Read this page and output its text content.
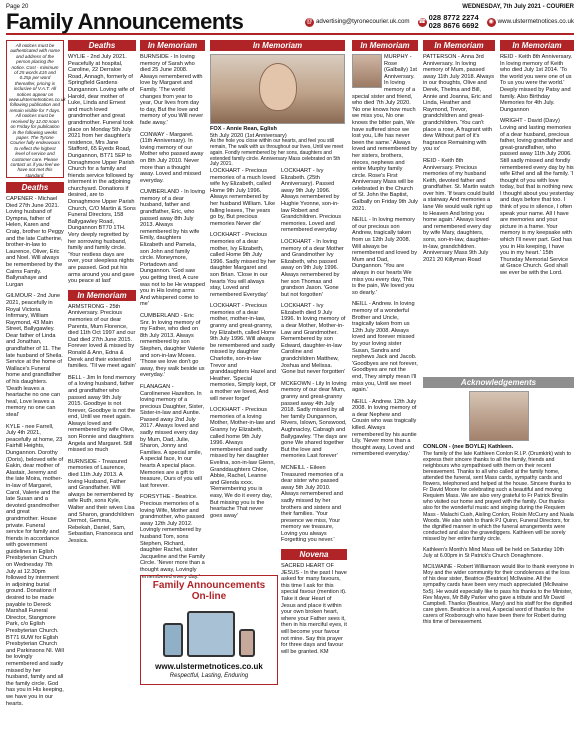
Page 20	WEDNESDAY, 7th July 2021 - COURIER
Family Announcements	@ advertising@tyronecourier.uk.com ☎ 028 8772 2274
028 8676 6692	◉ www.ulstermetnotices.co.uk
All notices must be authenticated with name and address of the person placing the notice. Cost - minimum of 25 words £15 and 0.25p per word thereafter, pricing is inclusive of V.A.T. All notices appear on www.ulstermetnotices.co.uk following publication and remain visible for 7 days. All notices must be received by 12.00 noon on Friday for publication in the following weeks paper. The Tyrone Courier fully endeavours to reflect the highest level of service and customer care. Please contact us if you feel we have not met this standard.
Deaths

CAPENER - Michael Died 27th June 2021. Loving husband of Dympna, father of Helen, Karen and Craig, brother to Peggy and the late Catherine, brother-in-law to Laurence, Oliver, Eric and Noel. Will always be remembered by the Cairns Family. Ballynahaye and Lurgan

GILMOUR - 2nd June 2021, peacefully in Royal Victoria Infirmary, William Raymond, 43 Main Street, Ballygawley. Dear father of Linda and Jonathan, grandfather of 11. The late husband of Sheila. Service at the home of Wallace's Funeral home and grandfather of his daughters. 'Death leaves a heartache no one can heal, Love leaves a memory no one can steal'

KYLE - nee Farrell, July 4th 2021, peacefully at home, 23 Fairhill Heights, Dungannon. Dorothy (Doris), beloved wife of Eakin, dear mother of Alastair, Jeremy and the late Moira, mother-in-law of Margaret, Carol, Valerie and the late Susan and a devoted grandmother and great grandmother. House private. Funeral service for family and friends in accordance with government guidelines in Eglish Presbyterian Church on Wednesday 7th July at 12.30pm followed by interment in adjoining burial ground. Donations if desired to be made payable to Dereck Marshall Funeral Director, Stangmore Park, c/o Eglish Presbyterian Church. BT71 6UW for Eglish Presbyterian Church and Parkinsons NI. Will be lovingly remembered and sadly missed by her husband, family and all the family circle. God has you in His keeping, we have you in our hearts.

Deaths

WYLIE - 2nd July 2021. Peacefully at hospital, Caroline, 22 Derraloe Road, Annagh, formerly of Springfield Gardens Dungannon. Loving wife of Harold, dear mother of Luke, Linda and Ernest and much loved grandmother and great grandmother. Funeral took place on Monday 5th July 2021 from her daughter's residence, Mrs Jane Stafford, 65 Eyeds Road, Dungannon, BT71 5EP to Donaghmore Upper Parish Church for a family and friends service followed by interment in the adjoining churchyard. Donations if desired, are to Donaghmore Upper Parish Church, C/O Martin & Sons Funeral Directors, 158 Ballygawley Road, Dungannon BT70 1TH. Very deeply regretted by her sorrowing husband, family and family circle. 'Your restless days are over, your sleepless nights are passed. God put his arms around you and gave you peace at last'

In Memoriam

ARMSTRONG - 25th Anniversary. Precious memories of our dear Parents, Mum Florence, died 11th Oct 1997 and our Dad died 27th June 2015. Forever loved & missed by Ronald & Ann, Edna & Derek and their extended families. 'Til we meet again'

BELL - Jim In fond memory of a loving husband, father and grandfather who passed away 9th July 2015. Goodbye is not forever, Goodbye is not the end, Until we meet again. Always loved and remembered by wife Olive, son Ronnie and daughters Angela and Margaret. Still missed so much

BURNSIDE - Treasured memories of Laurence, died 11th July 2013. A loving Husband, Father and Grandfather. Will always be remembered by wife Ruth, sons Kyle, Walter and their wives Lisa and Sharon, grandchildren Dermot, Gemma, Rebekah, Daniel, Sam, Sebastian, Francesca and Jessica.

In Memoriam

BURNSIDE - In loving memory of Sarah who died 25 June 2008. Always remembered with love by Margaret and Family. 'The world changes from year to year, Our lives from day to day, But the love and memory of you Will never fade away.'

CONWAY - Margaret. (11th Anniversary). In loving memory of our Mother who passed away on 8th July 2010. Never more than a thought away. Loved and missed everyday.

CUMBERLAND - In loving memory of a dear husband, father and grandfather, Eric, who passed away 8th July 2013. Always remembered by his wife Emily, daughters Elizabeth and Pamela, son John and family circle. Moneymore, Portadown and Dungannon. 'God saw you getting tired, A cure was not to be He wrapped you in His loving arms And whispered come to me'

CUMBERLAND - Eric Snr. In loving memory of my Father, who died on 8th July 2013. Always remembered by son Stephen, daughter Valerie and son-in-law Moses. 'Those we love don't go away, they walk beside us everyday.'

FLANAGAN - Carolinenee Hazelton. In loving memory of a precious Daughter, Sister, Sister-in-law and Auntie. Passed away 2nd July 2017. Always loved and sadly missed every day by Mum, Dad, Julie, Sharon, Jonny and Families. A special smile, A special face, In our hearts A special place. Memories are a gift to treasure, Ours of you will last forever.

FORSYTHE - Beatrice. Precious memories of a loving Wife, Mother and grandmother, who passed away 12th July 2012. Lovingly remembered by husband Tom, sons Stephen, Richard, daughter Rachel, sister Jacqueline and the Family Circle. 'Never more than a thought away, Lovingly remembered every day.'

Family Announcements On-line
www.ulstermetnotices.co.uk
Respectful, Lasting, Enduring
In Memoriam

FOX - Annie Rean, Eglish

5th July 2020 (1st Anniversary)

As the hole you close within our hearts, and feel you still remain, The walk with us throughout our lives, Until we meet again. Fondly remembered by her sons, daughters and extended family circle. Anniversary Mass celebrated on 5th July 2021.

LOCKHART - Precious memories of a much loved wife Ivy Elizabeth, called Home 9th July 1996. Always remembered by her husband William. 'Like falling leaves, The years go by, But precious memories Never die'

LOCKHART - Precious memories of a dear mother, Ivy Elizabeth, called Home 9th July 1996. Sadly missed by her daughter Margaret and son Brian. 'Close in our hearts You will always stay, Loved and remembered Everyday'

LOCKHART - Precious memories of a dear mother, mother-in-law, granny and great-granny, Ivy Elizabeth, called Home 9th July 1996. Will always be remembered and sadly missed by daughter Charlotte, son-in-law Trevor and granddaughters Hazel and Heather. 'Special memories, Simply kept, Of a mother we loved, And will never forget'

LOCKHART - Precious memories of a loving Mother, Mother-in-law and Granny Ivy Elizabeth, called home 9th July 1996. Always remembered and sadly missed by her daughter Evelina, son-in-law Glenn, Granddaughters Chloe, Abbie, Rachel, Leanne and Glenda xxxx. 'Remembering you is easy, We do it every day, But missing you is the heartache That never goes away'

LOCKHART - Ivy Elizabeth. (25th Anniversary). Passed away 9th July 1996. Always remembered by Hughie Yvonne, son-in-law Robert and Grandchildren. Precious memories. Loved and remembered everyday

LOCKHART - In loving memory of a dear Mother and Grandmother Ivy Elizabeth, who passed away on 9th July 1996. Always remembered by her son Thomas and grandson Jason. 'Gone but not forgotten'

LOCKHART - Ivy Elizabeth died 9 July 1996. In loving memory of a dear Mother, Mother-in-Law and Grandmother. Remembered by son Edward, daughter-in-law Caroline and grandchildren Matthew, Joshua and Melissa. 'Gone but never forgotten'

MCKEOWN - Lily In loving memory of our dear Mum, granny and great-granny passed away 4th July 2018. Sadly missed by all her family Dungannon, Rivers, Islown, Sonswood, Aughnacloy, Cabragh and Ballygawley. 'The days are gone We shared together But the love and memories Last forever'

MCNEILL - Eileen Treasured memories of a dear sister who passed away 5th July 2010. Always remembered and sadly missed by her brothers and sisters and their families. 'Your presence we miss, Your memory we treasure, Loving you always Forgetting you never.'

Novena

SACRED HEART OF JESUS - In the past I have asked for many favours, this time I ask for this special favour (mention it). Take it dear Heart of Jesus and place it within your own broken heart, where your Father sees it, then in his merciful eyes, it will become your favour not mine. Say this prayer for three days and favour will be granted. KM

In Memoriam

MURPHY - Rose (Galbally) 1st Anniversary. In loving memory of a special sister and friend, who died 7th July 2020. 'No one knows how much we miss you, No one knows the bitter pain, We have suffered since we lost you, Life has never been the same.' Always loved and remembered by her sisters, brothers, nieces, nephews and entire Murphy family circle. Rose's First Anniversary Mass will be celebrated in the Church of St. John the Baptist, Galbally on Friday 9th July 2021.

NEILL - In loving memory of our precious son Andrew, tragically taken from us 12th July 2008. Will always be remembered and loved by Mum and Dad, Dungannon. 'You are always in our hearts We miss you every day, This is the pain, We loved you so dearly.'

NEILL - Andrew. In loving memory of a wonderful Brother and Uncle, tragically taken from us 12th July 2008. Always loved and forever missed by your loving sister Susan, Sandra and nephews Jack and Jacob. 'Goodbyes are not forever, Goodbyes are not the end, They simply mean I'll miss you, Until we meet again.'

NEILL - Andrew. 12th July 2008. In loving memory of a dear Nephew and Cousin who was tragically killed. Always remembered by his auntie Lily. 'Never more than a thought away, Loved and remembered everyday.'

In Memoriam

PATTERSON - Anna 3rd Anniversary. In loving memory of Mum, passed away 11th July 2018. Always in our thoughts, Olive and Derek, Thelma and Bill, Annie and Joanna, Eric and Linda, Heather and Raymond, Trevor, grandchildren and great-grandchildren. 'You can't place a rose, A fragrant with dew Without part of it's fragrance Remaining with you xx'

REID - Keith 8th Anniversary. Precious memories of my husband Keith, devoted father and grandfather. St. Martin watch over him. 'If tears could build a stairway And memories a lane We would walk right up to Heaven And bring you home again.' Always loved and remembered every day by wife Mary, daughters, sons, son-in-law, daughter-in-law, grandchildren. Anniversary Mass 9th July 2021 20 Killyman Road

In Memoriam

REID - Keith 8th Anniversary. In loving memory of Keith who died July 1st 2014. 'To the world you were one of us To us you were the world.' Deeply missed by Patsy and family. Also Birthday Memories for 4th July. Dungannon

WRIGHT - David (Davy) Loving and lasting memories of a dear husband, precious father, loving grandfather and great-grandfather, who passed away 11th July 2006. Still sadly missed and fondly remembered every day by his wife Ethel and all the family. 'I thought of you with love today, but that is nothing new. I thought about you yesterday and days before that too. I think of you in silence, I often speak your name. All I have are memories and your picture in a frame. Your memory is my keepsake with which I'll never part. God has you in His keeping, I have you in my heart.' 15th Thursday Memorial Service at Grace Church. God shall we ever be with the Lord.

Acknowledgements

CONLON - (nee BOYLE) Kathleen.

The family of the late Kathleen Conlon R.I.P. (Drumkirk) wish to express their sincere thanks to all the family, friends and neighbours who sympathised with them on their recent bereavement. Thanks to all who called at the family home, attended the funeral, sent Mass cards, sympathy cards and flowers, telephoned and helped at the house. Sincere thanks to Fr David Moore for celebrating such a beautiful and moving Requiem Mass. We are also very grateful to Fr Patrick Breslin who visited our home and prayed with the family. Our thanks also for the wonderful music and singing during the Requiem Mass - Malachi Cush, Aisling Conlon, Roisin McCurry and Nuala Woods. We also wish to thank PJ Quinn, Funeral Directors, for the dignified manner in which the funeral arrangements were conducted and also the gravediggers. Kathleen will be sorely missed by her entire family circle.

Kathleen's Month's Mind Mass will be held on Saturday 10th July at 6.00pm in St Patrick's Church Donaghmore.

MCILWAINE - Robert Williamson would like to thank everyone in Moy and the wider community for their condolences at the loss of his dear sister, Beatrice (Beatrice) McIlwaine. All the sympathy cards have been very much appreciated (McIlwaine 5x5). He would especially like to pass his thanks to the Minister, Rev Mayes, Mr Billy Parker who gave a tribute and Mr David Campbell. Thanks (Beatrice, Mary) and his staff for the dignified care given. Beatrice is a real, A special word of thanks to the carers of Roxborough who have been there for Robert during this time of bereavement.
